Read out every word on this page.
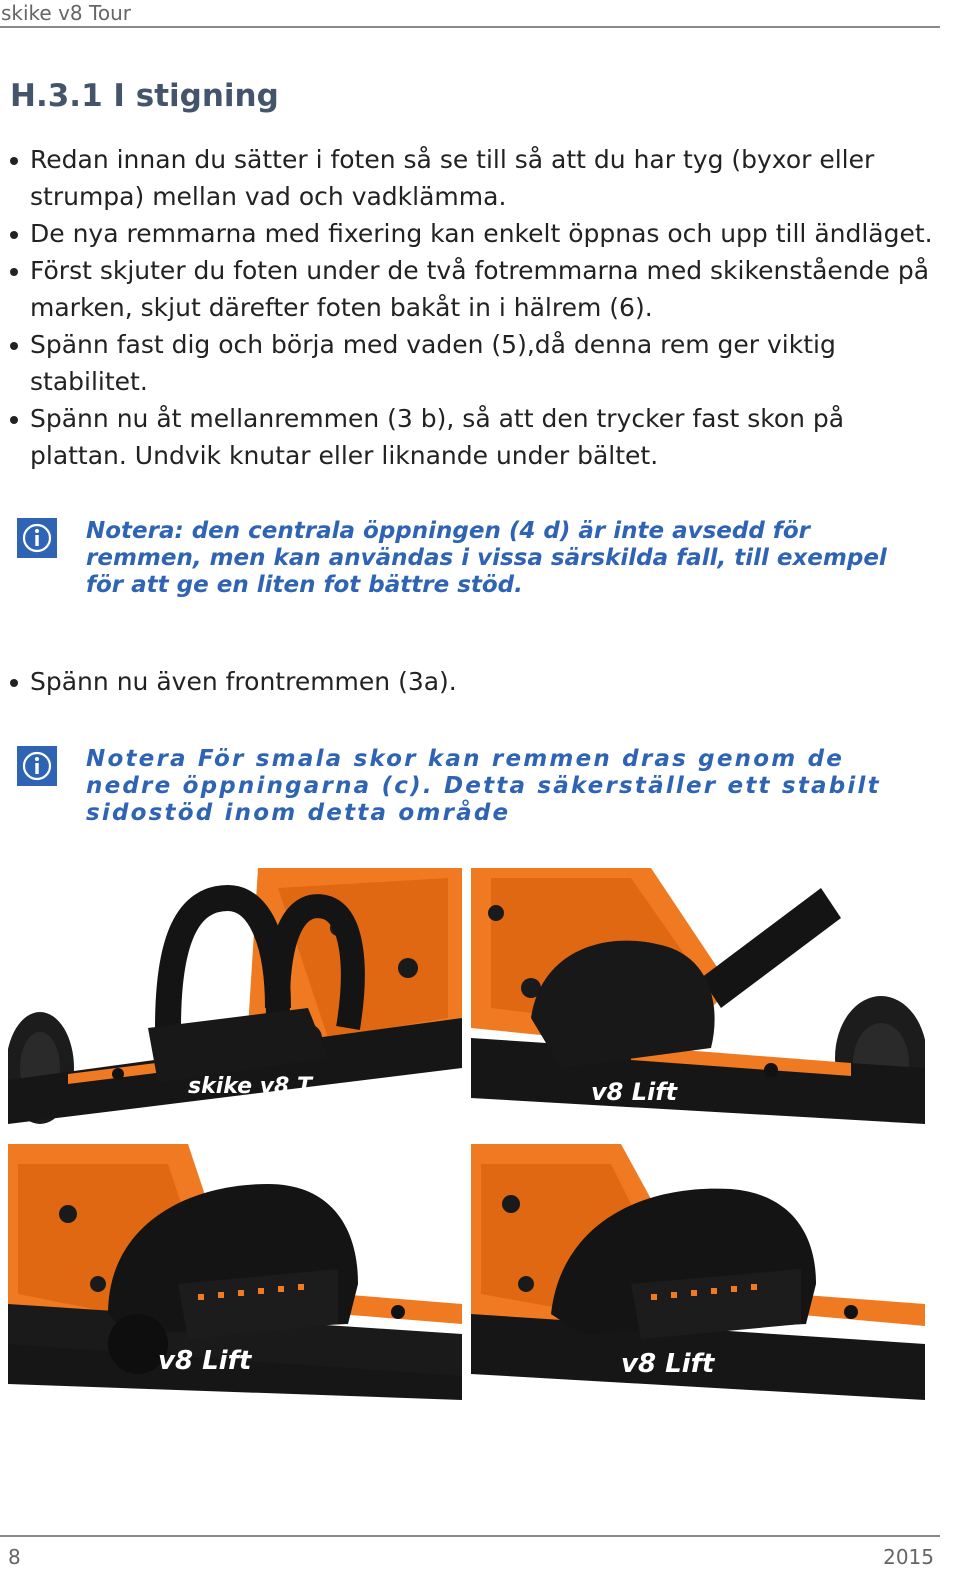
skike v8 Tour
H.3.1 I stigning
Redan innan du sätter i foten så se till så att du har tyg (byxor eller strumpa) mellan vad och vadklämma.
De nya remmarna med fixering kan enkelt öppnas och upp till ändläget.
Först skjuter du foten under de två fotremmarna med skikenstående på marken, skjut därefter foten bakåt in i hälrem (6).
Spänn fast dig och börja med vaden (5),då denna rem ger viktig stabilitet.
Spänn nu åt mellanremmen (3 b), så att den trycker fast skon på plattan. Undvik knutar eller liknande under bältet.

Notera: den centrala öppningen (4 d) är inte avsedd för remmen, men kan användas i vissa särskilda fall, till exempel för att ge en liten fot bättre stöd.

Spänn nu även frontremmen (3a).

Notera För smala skor kan remmen dras genom de nedre öppningarna (c). Detta säkerställer ett stabilt sidostöd inom detta område

skike v8 T	v8 Lift
v8 Lift	v8 Lift
8	2015
